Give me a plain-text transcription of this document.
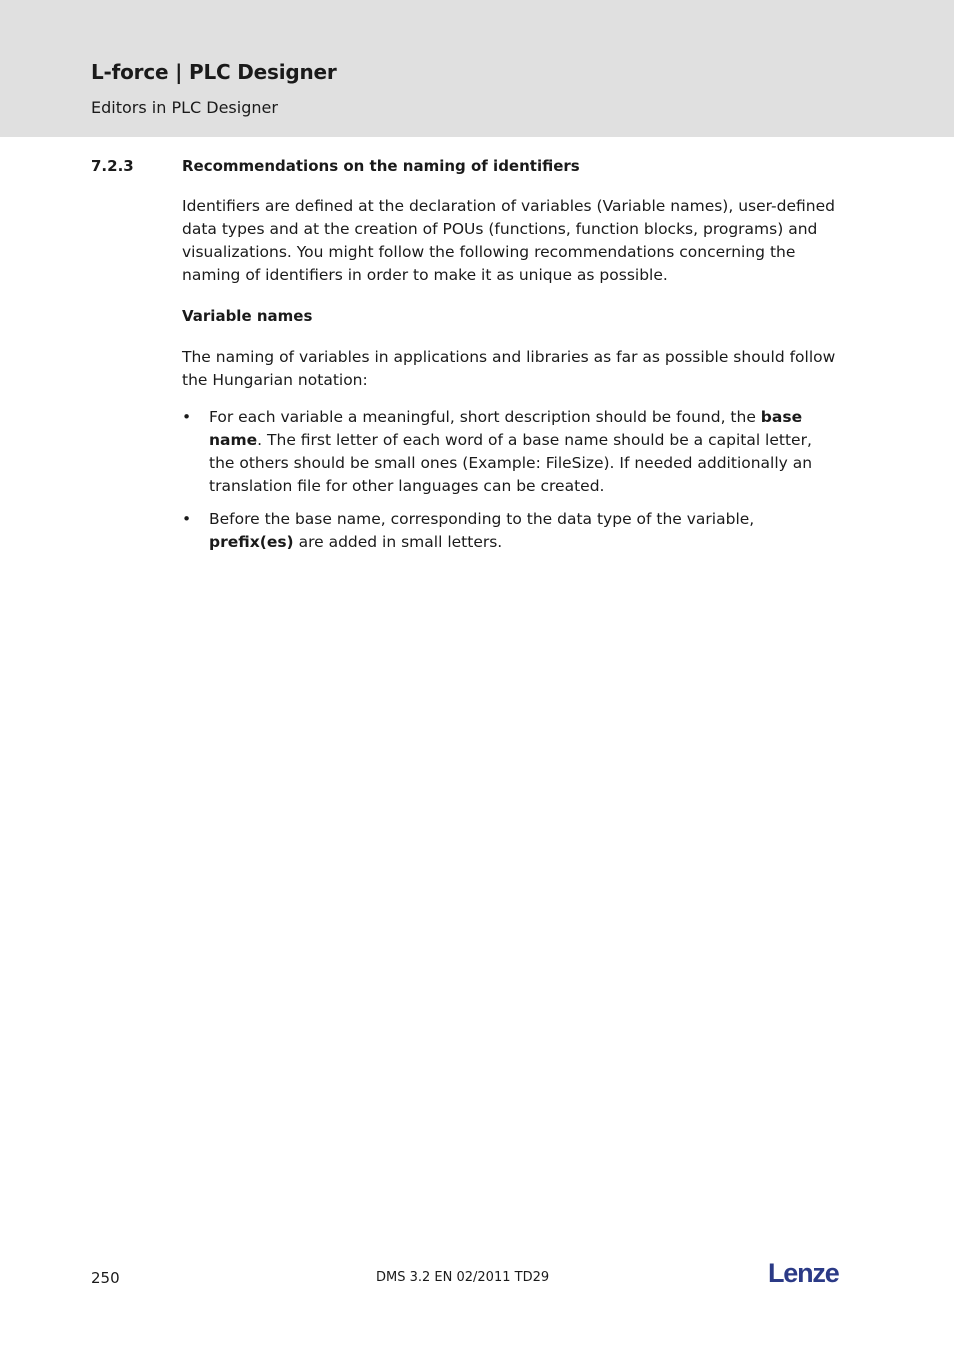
L-force | PLC Designer
Editors in PLC Designer
7.2.3	Recommendations on the naming of identifiers

Identifiers are defined at the declaration of variables (Variable names), user-defined data types and at the creation of POUs (functions, function blocks, programs) and visualizations. You might follow the following recommendations concerning the naming of identifiers in order to make it as unique as possible.

Variable names

The naming of variables in applications and libraries as far as possible should follow the Hungarian notation:

• For each variable a meaningful, short description should be found, the base name. The first letter of each word of a base name should be a capital letter, the others should be small ones (Example: FileSize). If needed additionally an translation file for other languages can be created.
• Before the base name, corresponding to the data type of the variable, prefix(es) are added in small letters.
250	DMS 3.2 EN 02/2011 TD29	Lenze
